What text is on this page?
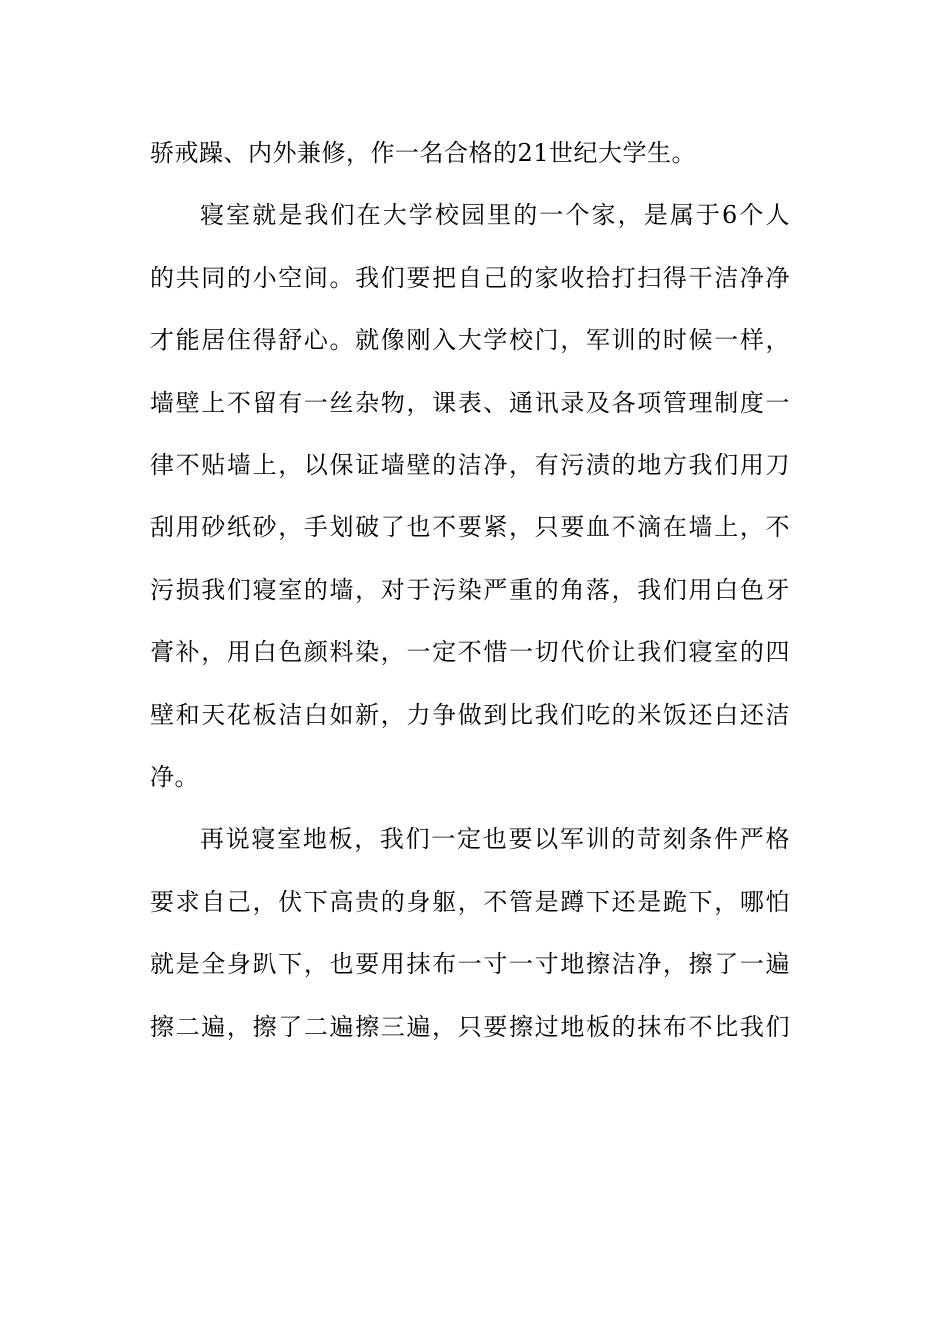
骄戒躁、内外兼修，作一名合格的21世纪大学生。

寝室就是我们在大学校园里的一个家，是属于6个人
的共同的小空间。我们要把自己的家收拾打扫得干洁净净
才能居住得舒心。就像刚入大学校门，军训的时候一样，
墙壁上不留有一丝杂物，课表、通讯录及各项管理制度一
律不贴墙上，以保证墙壁的洁净，有污渍的地方我们用刀
刮用砂纸砂，手划破了也不要紧，只要血不滴在墙上，不
污损我们寝室的墙，对于污染严重的角落，我们用白色牙
膏补，用白色颜料染，一定不惜一切代价让我们寝室的四
壁和天花板洁白如新，力争做到比我们吃的米饭还白还洁
净。

再说寝室地板，我们一定也要以军训的苛刻条件严格
要求自己，伏下高贵的身躯，不管是蹲下还是跪下，哪怕
就是全身趴下，也要用抹布一寸一寸地擦洁净，擦了一遍
擦二遍，擦了二遍擦三遍，只要擦过地板的抹布不比我们
